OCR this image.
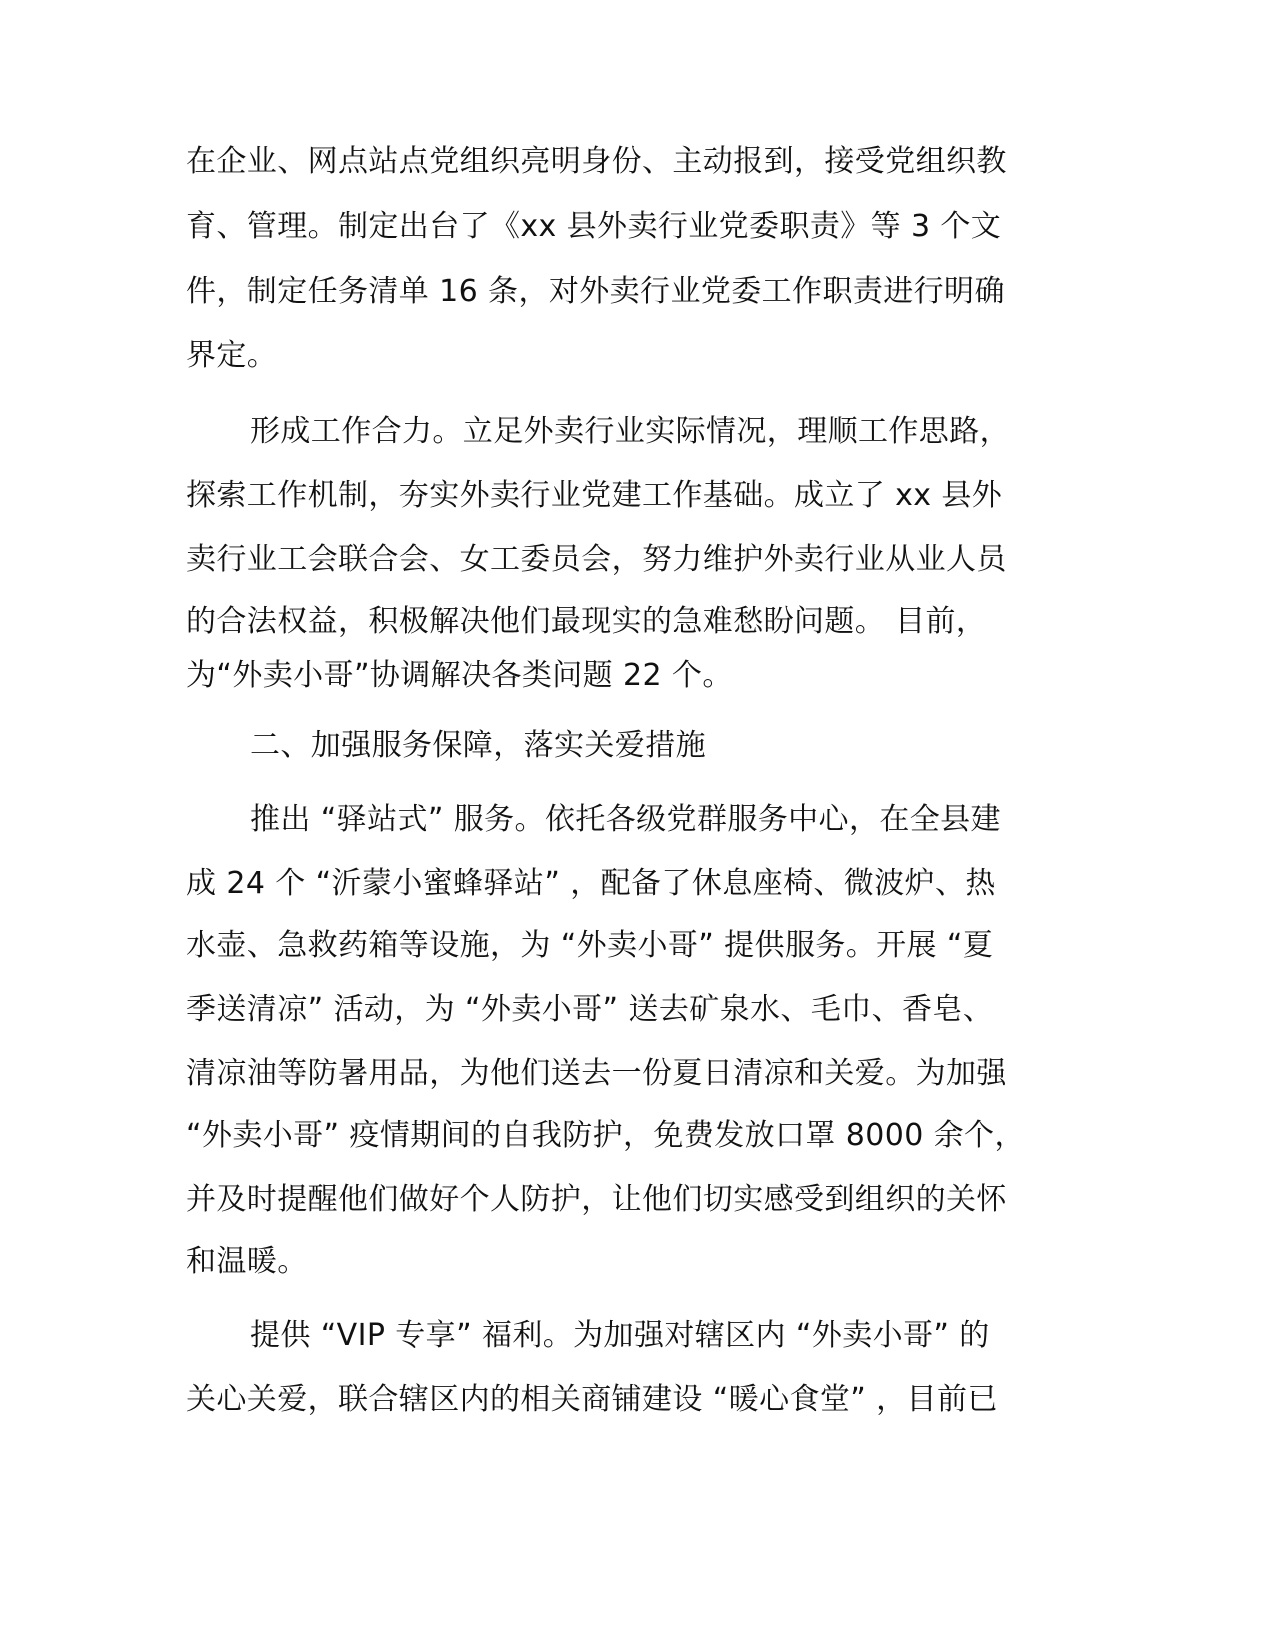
在企业、网点站点党组织亮明身份、主动报到，接受党组织教
育、管理。制定出台了《xx 县外卖行业党委职责》等 3 个文
件，制定任务清单 16 条，对外卖行业党委工作职责进行明确
界定。
形成工作合力。立足外卖行业实际情况，理顺工作思路，
探索工作机制，夯实外卖行业党建工作基础。成立了 xx 县外
卖行业工会联合会、女工委员会，努力维护外卖行业从业人员
的合法权益，积极解决他们最现实的急难愁盼问题。 目前，
为“外卖小哥”协调解决各类问题 22 个。
二、加强服务保障，落实关爱措施
推出 “驿站式” 服务。依托各级党群服务中心，在全县建
成 24 个 “沂蒙小蜜蜂驿站” ，配备了休息座椅、微波炉、热
水壶、急救药箱等设施，为 “外卖小哥” 提供服务。开展 “夏
季送清凉” 活动，为 “外卖小哥” 送去矿泉水、毛巾、香皂、
清凉油等防暑用品，为他们送去一份夏日清凉和关爱。为加强
“外卖小哥” 疫情期间的自我防护，免费发放口罩 8000 余个，
并及时提醒他们做好个人防护，让他们切实感受到组织的关怀
和温暖。
提供 “VIP 专享” 福利。为加强对辖区内 “外卖小哥” 的
关心关爱，联合辖区内的相关商铺建设 “暖心食堂” ，目前已
